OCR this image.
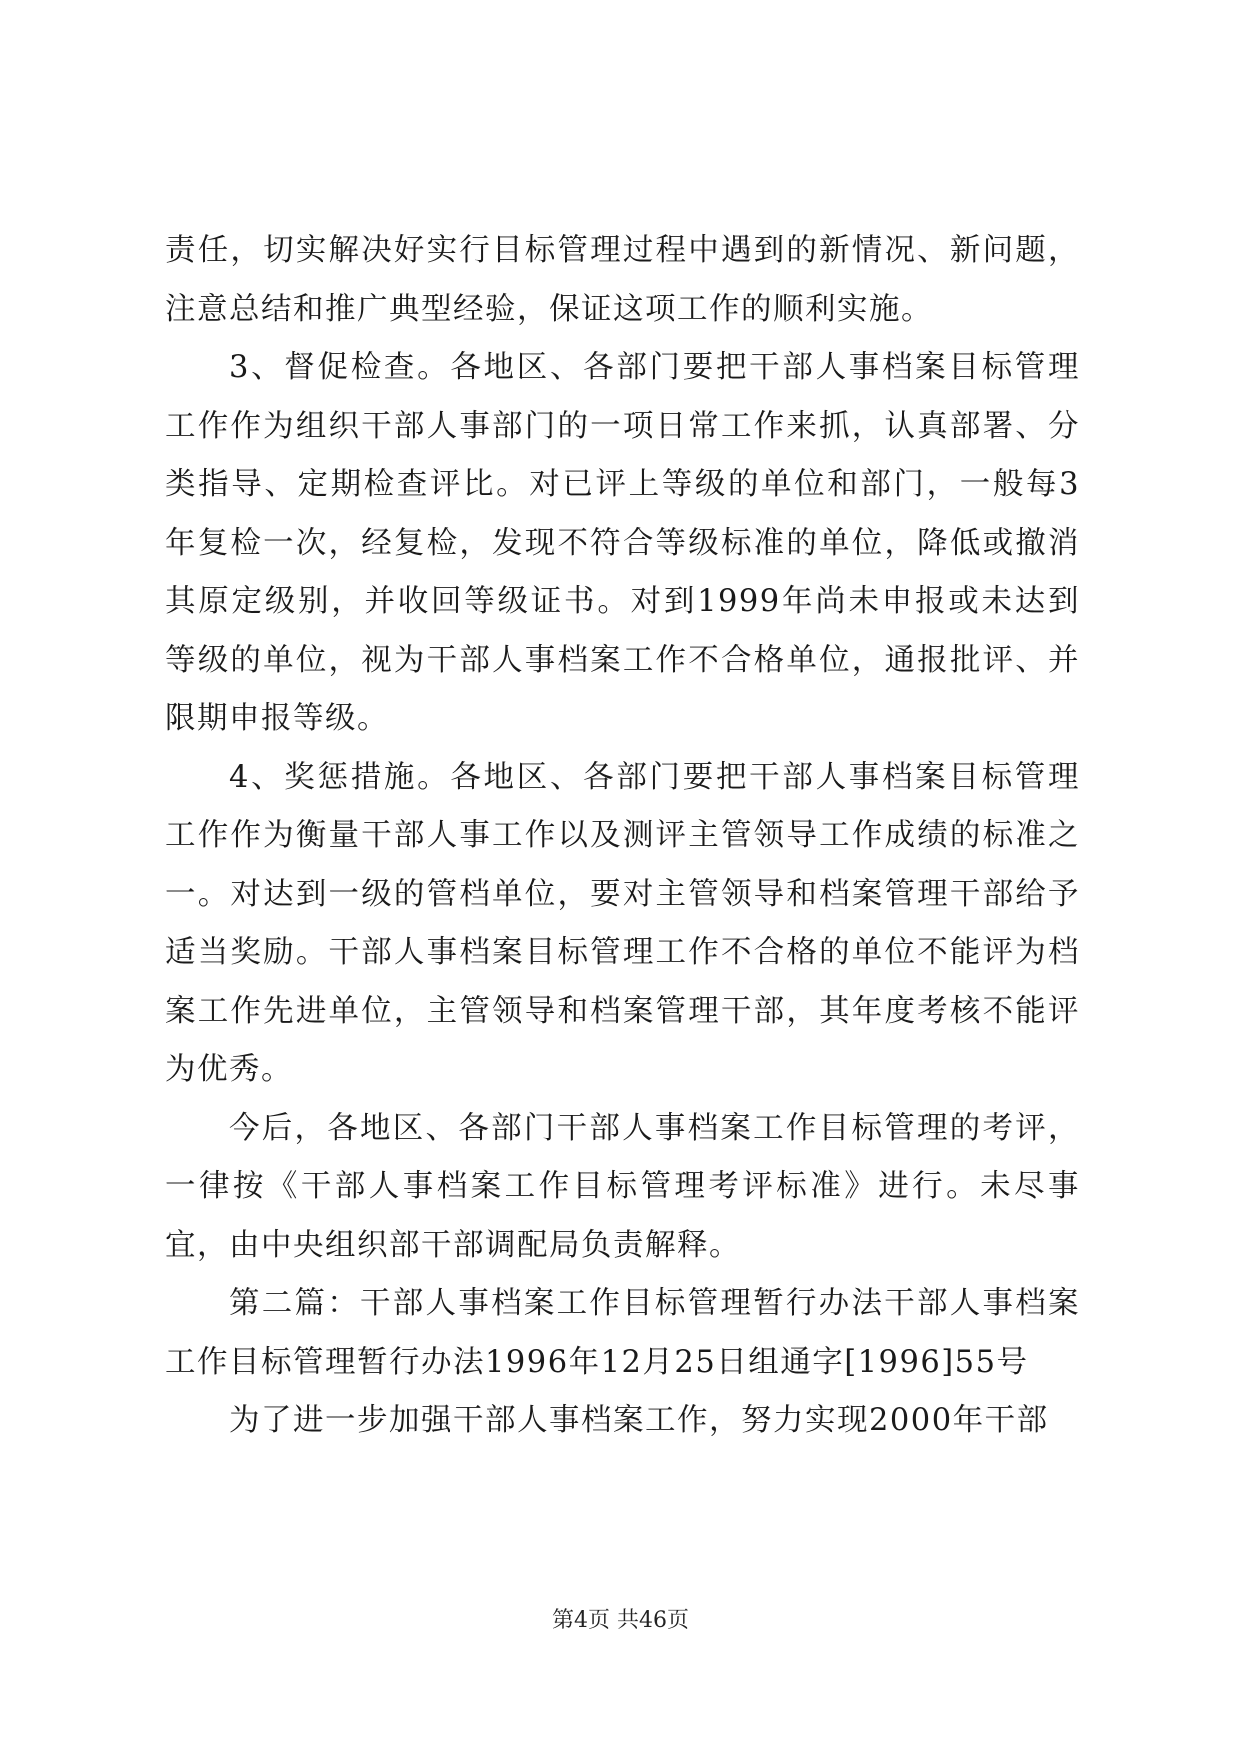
责任，切实解决好实行目标管理过程中遇到的新情况、新问题，注意总结和推广典型经验，保证这项工作的顺利实施。

3、督促检查。各地区、各部门要把干部人事档案目标管理工作作为组织干部人事部门的一项日常工作来抓，认真部署、分类指导、定期检查评比。对已评上等级的单位和部门，一般每3年复检一次，经复检，发现不符合等级标准的单位，降低或撤消其原定级别，并收回等级证书。对到1999年尚未申报或未达到等级的单位，视为干部人事档案工作不合格单位，通报批评、并限期申报等级。

4、奖惩措施。各地区、各部门要把干部人事档案目标管理工作作为衡量干部人事工作以及测评主管领导工作成绩的标准之一。对达到一级的管档单位，要对主管领导和档案管理干部给予适当奖励。干部人事档案目标管理工作不合格的单位不能评为档案工作先进单位，主管领导和档案管理干部，其年度考核不能评为优秀。

今后，各地区、各部门干部人事档案工作目标管理的考评，一律按《干部人事档案工作目标管理考评标准》进行。未尽事宜，由中央组织部干部调配局负责解释。

第二篇：干部人事档案工作目标管理暂行办法干部人事档案工作目标管理暂行办法1996年12月25日组通字[1996]55号

为了进一步加强干部人事档案工作，努力实现2000年干部

第4页 共46页
